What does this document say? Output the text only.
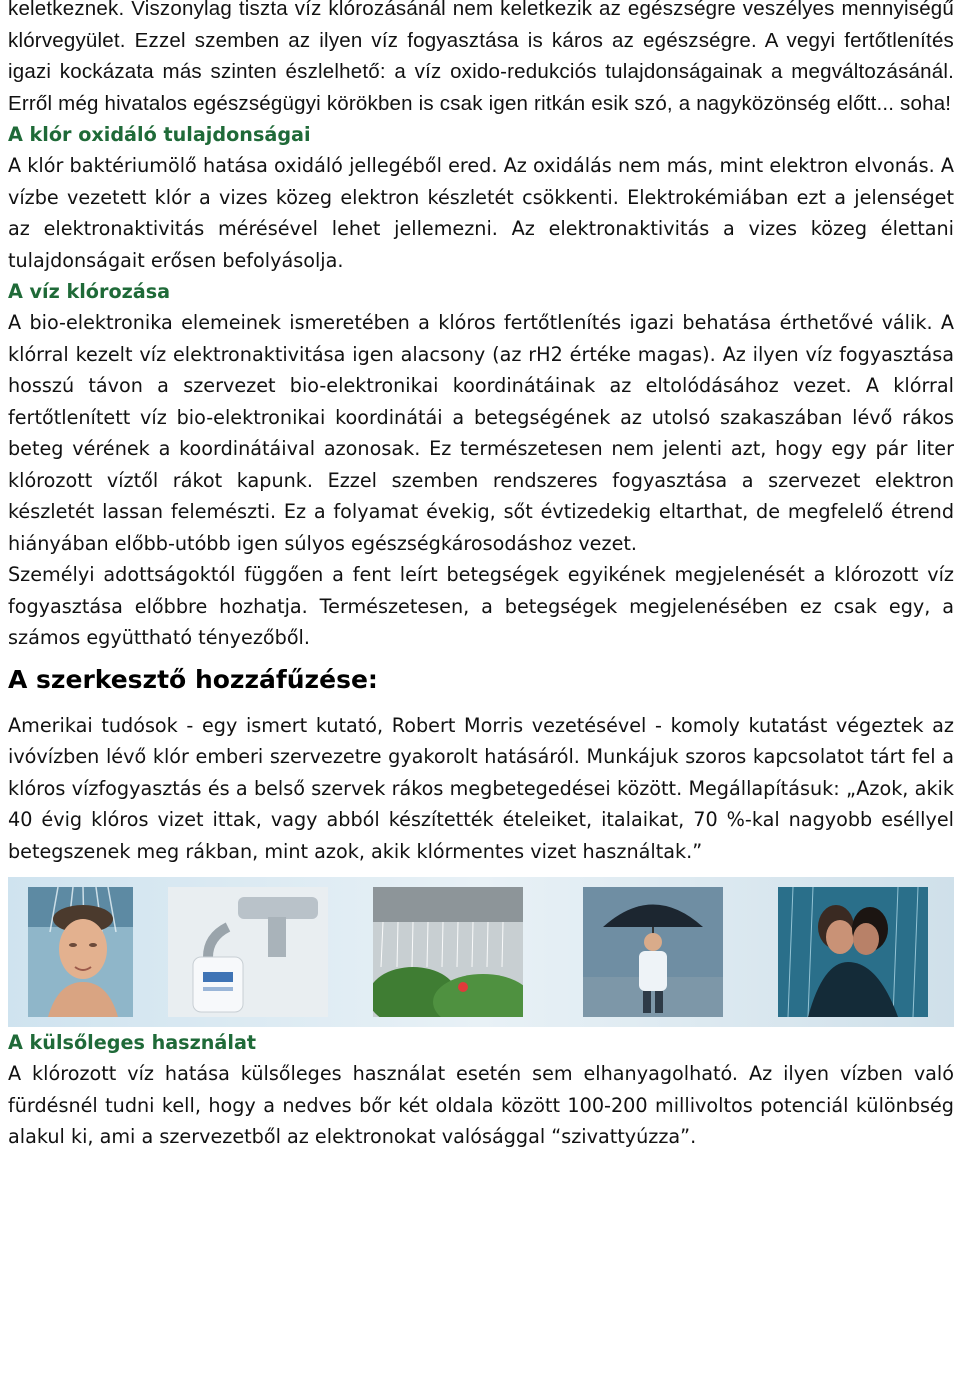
keletkeznek. Viszonylag tiszta víz klórozásánál nem keletkezik az egészségre veszélyes mennyiségű klórvegyület. Ezzel szemben az ilyen víz fogyasztása is káros az egészségre. A vegyi fertőtlenítés igazi kockázata más szinten észlelhető: a víz oxido-redukciós tulajdonságainak a megváltozásánál. Erről még hivatalos egészségügyi körökben is csak igen ritkán esik szó, a nagyközönség előtt... soha!

A klór oxidáló tulajdonságai

A klór baktériumölő hatása oxidáló jellegéből ered. Az oxidálás nem más, mint elektron elvonás. A vízbe vezetett klór a vizes közeg elektron készletét csökkenti. Elektrokémiában ezt a jelenséget az elektronaktivitás mérésével lehet jellemezni. Az elektronaktivitás a vizes közeg élettani tulajdonságait erősen befolyásolja.

A víz klórozása

A bio-elektronika elemeinek ismeretében a klóros fertőtlenítés igazi behatása érthetővé válik. A klórral kezelt víz elektronaktivitása igen alacsony (az rH2 értéke magas). Az ilyen víz fogyasztása hosszú távon a szervezet bio-elektronikai koordinátáinak az eltolódásához vezet. A klórral fertőtlenített víz bio-elektronikai koordinátái a betegségének az utolsó szakaszában lévő rákos beteg vérének a koordinátáival azonosak. Ez természetesen nem jelenti azt, hogy egy pár liter klórozott víztől rákot kapunk. Ezzel szemben rendszeres fogyasztása a szervezet elektron készletét lassan felemészti. Ez a folyamat évekig, sőt évtizedekig eltarthat, de megfelelő étrend hiányában előbb-utóbb igen súlyos egészségkárosodáshoz vezet.

Személyi adottságoktól függően a fent leírt betegségek egyikének megjelenését a klórozott víz fogyasztása előbbre hozhatja. Természetesen, a betegségek megjelenésében ez csak egy, a számos együttható tényezőből.

A szerkesztő hozzáfűzése:

Amerikai tudósok - egy ismert kutató, Robert Morris vezetésével - komoly kutatást végeztek az ivóvízben lévő klór emberi szervezetre gyakorolt hatásáról. Munkájuk szoros kapcsolatot tárt fel a klóros vízfogyasztás és a belső szervek rákos megbetegedései között. Megállapításuk: „Azok, akik 40 évig klóros vizet ittak, vagy abból készítették ételeiket, italaikat, 70 %-kal nagyobb eséllyel betegszenek meg rákban, mint azok, akik klórmentes vizet használtak.”

A külsőleges használat

A klórozott víz hatása külsőleges használat esetén sem elhanyagolható. Az ilyen vízben való fürdésnél tudni kell, hogy a nedves bőr két oldala között 100-200 millivoltos potenciál különbség alakul ki, ami a szervezetből az elektronokat valósággal “szivattyúzza”.
